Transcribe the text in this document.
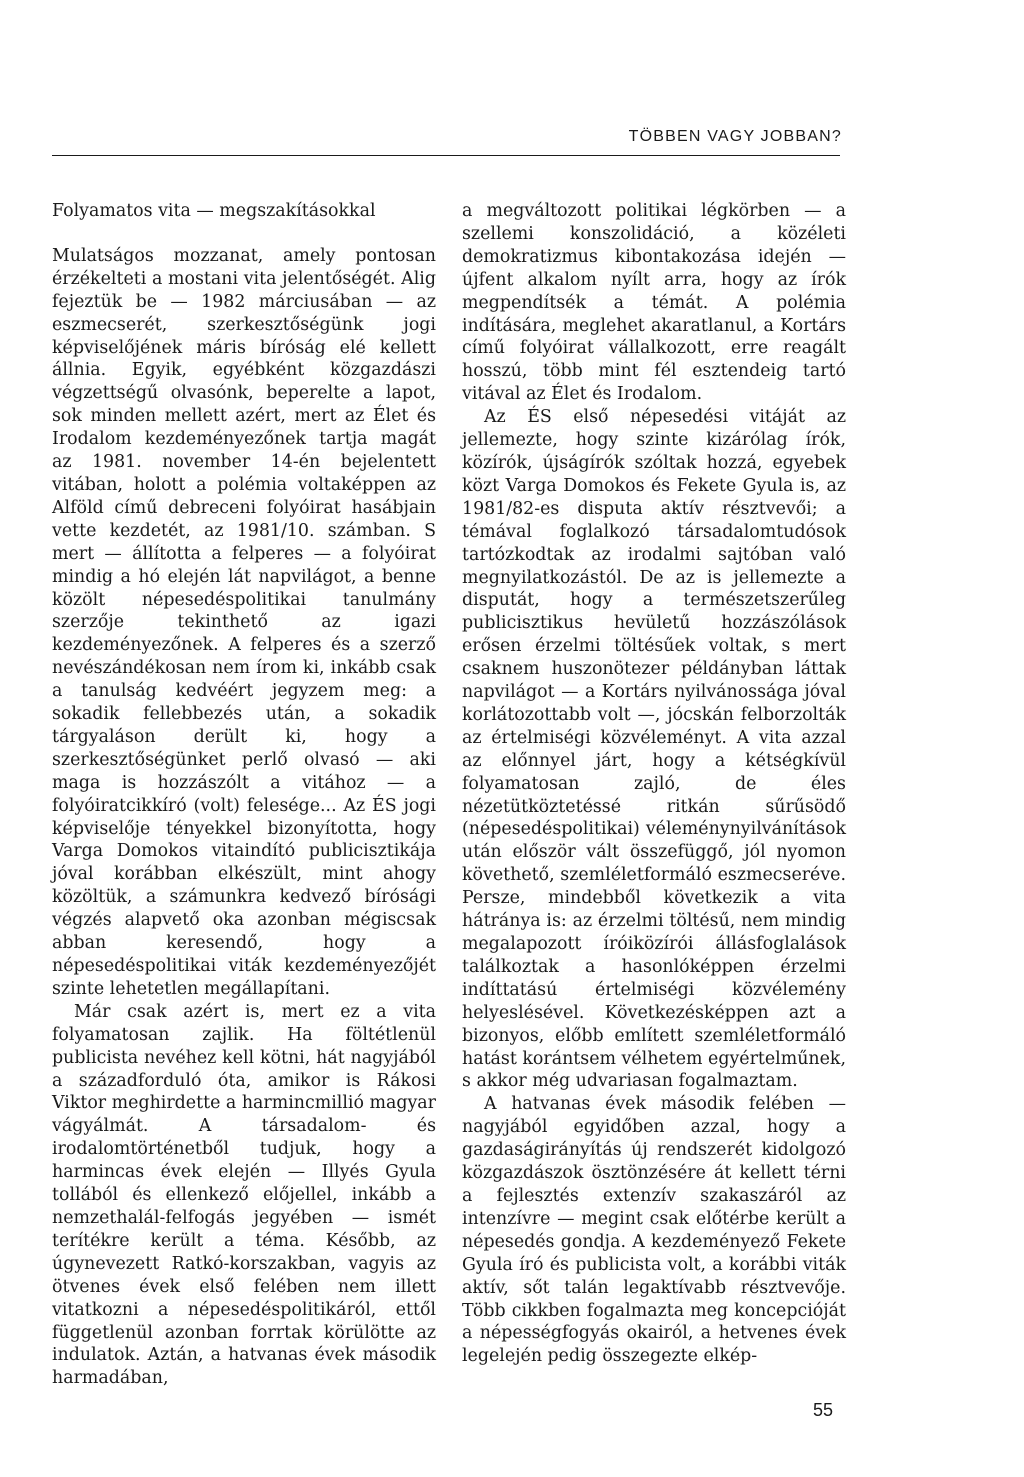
TÖBBEN VAGY JOBBAN?
Folyamatos vita — megszakításokkal

Mulatságos mozzanat, amely pontosan érzékelteti a mostani vita jelentőségét. Alig fejeztük be — 1982 márciusában — az eszmecserét, szerkesztőségünk jogi képviselőjének máris bíróság elé kellett állnia. Egyik, egyébként közgazdászi végzettségű olvasónk, beperelte a lapot, sok minden mellett azért, mert az Élet és Irodalom kezdeményezőnek tartja magát az 1981. november 14-én bejelentett vitában, holott a polémia voltaképpen az Alföld című debreceni folyóirat hasábjain vette kezdetét, az 1981/10. számban. S mert — állította a felperes — a folyóirat mindig a hó elején lát napvilágot, a benne közölt népesedéspolitikai tanulmány szerzője tekinthető az igazi kezdeményezőnek. A felperes és a szerző nevészándékosan nem írom ki, inkább csak a tanulság kedvéért jegyzem meg: a sokadik fellebbezés után, a sokadik tárgyaláson derült ki, hogy a szerkesztőségünket perlő olvasó — aki maga is hozzászólt a vitához — a folyóiratcikkíró (volt) felesége... Az ÉS jogi képviselője tényekkel bizonyította, hogy Varga Domokos vitaindító publicisztikája jóval korábban elkészült, mint ahogy közöltük, a számunkra kedvező bírósági végzés alapvető oka azonban mégiscsak abban keresendő, hogy a népesedéspolitikai viták kezdeményezőjét szinte lehetetlen megállapítani.

Már csak azért is, mert ez a vita folyamatosan zajlik. Ha föltétlenül publicista nevéhez kell kötni, hát nagyjából a századforduló óta, amikor is Rákosi Viktor meghirdette a harmincmillió magyar vágyálmát. A társadalom- és irodalomtörténetből tudjuk, hogy a harmincas évek elején — Illyés Gyula tollából és ellenkező előjellel, inkább a nemzethalál-felfogás jegyében — ismét terítékre került a téma. Később, az úgynevezett Ratkó-korszakban, vagyis az ötvenes évek első felében nem illett vitatkozni a népesedéspolitikáról, ettől függetlenül azonban forrtak körülötte az indulatok. Aztán, a hatvanas évek második harmadában,

a megváltozott politikai légkörben — a szellemi konszolidáció, a közéleti demokratizmus kibontakozása idején — újfent alkalom nyílt arra, hogy az írók megpendítsék a témát. A polémia indítására, meglehet akaratlanul, a Kortárs című folyóirat vállalkozott, erre reagált hosszú, több mint fél esztendeig tartó vitával az Élet és Irodalom.

Az ÉS első népesedési vitáját az jellemezte, hogy szinte kizárólag írók, közírók, újságírók szóltak hozzá, egyebek közt Varga Domokos és Fekete Gyula is, az 1981/82-es disputa aktív résztvevői; a témával foglalkozó társadalomtudósok tartózkodtak az irodalmi sajtóban való megnyilatkozástól. De az is jellemezte a disputát, hogy a természetszerűleg publicisztikus hevületű hozzászólások erősen érzelmi töltésűek voltak, s mert csaknem huszonötezer példányban láttak napvilágot — a Kortárs nyilvánossága jóval korlátozottabb volt —, jócskán felborzolták az értelmiségi közvéleményt. A vita azzal az előnnyel járt, hogy a kétségkívül folyamatosan zajló, de éles nézetütköztetéssé ritkán sűrűsödő (népesedéspolitikai) véleménynyilvánítások után először vált összefüggő, jól nyomon követhető, szemléletformáló eszmecseréve. Persze, mindebből következik a vita hátránya is: az érzelmi töltésű, nem mindig megalapozott íróiközírói állásfoglalások találkoztak a hasonlóképpen érzelmi indíttatású értelmiségi közvélemény helyeslésével. Következésképpen azt a bizonyos, előbb említett szemléletformáló hatást korántsem vélhetem egyértelműnek, s akkor még udvariasan fogalmaztam.

A hatvanas évek második felében — nagyjából egyidőben azzal, hogy a gazdaságirányítás új rendszerét kidolgozó közgazdászok ösztönzésére át kellett térni a fejlesztés extenzív szakaszáról az intenzívre — megint csak előtérbe került a népesedés gondja. A kezdeményező Fekete Gyula író és publicista volt, a korábbi viták aktív, sőt talán legaktívabb résztvevője. Több cikkben fogalmazta meg koncepcióját a népességfogyás okairól, a hetvenes évek legelején pedig összegezte elkép-

55
